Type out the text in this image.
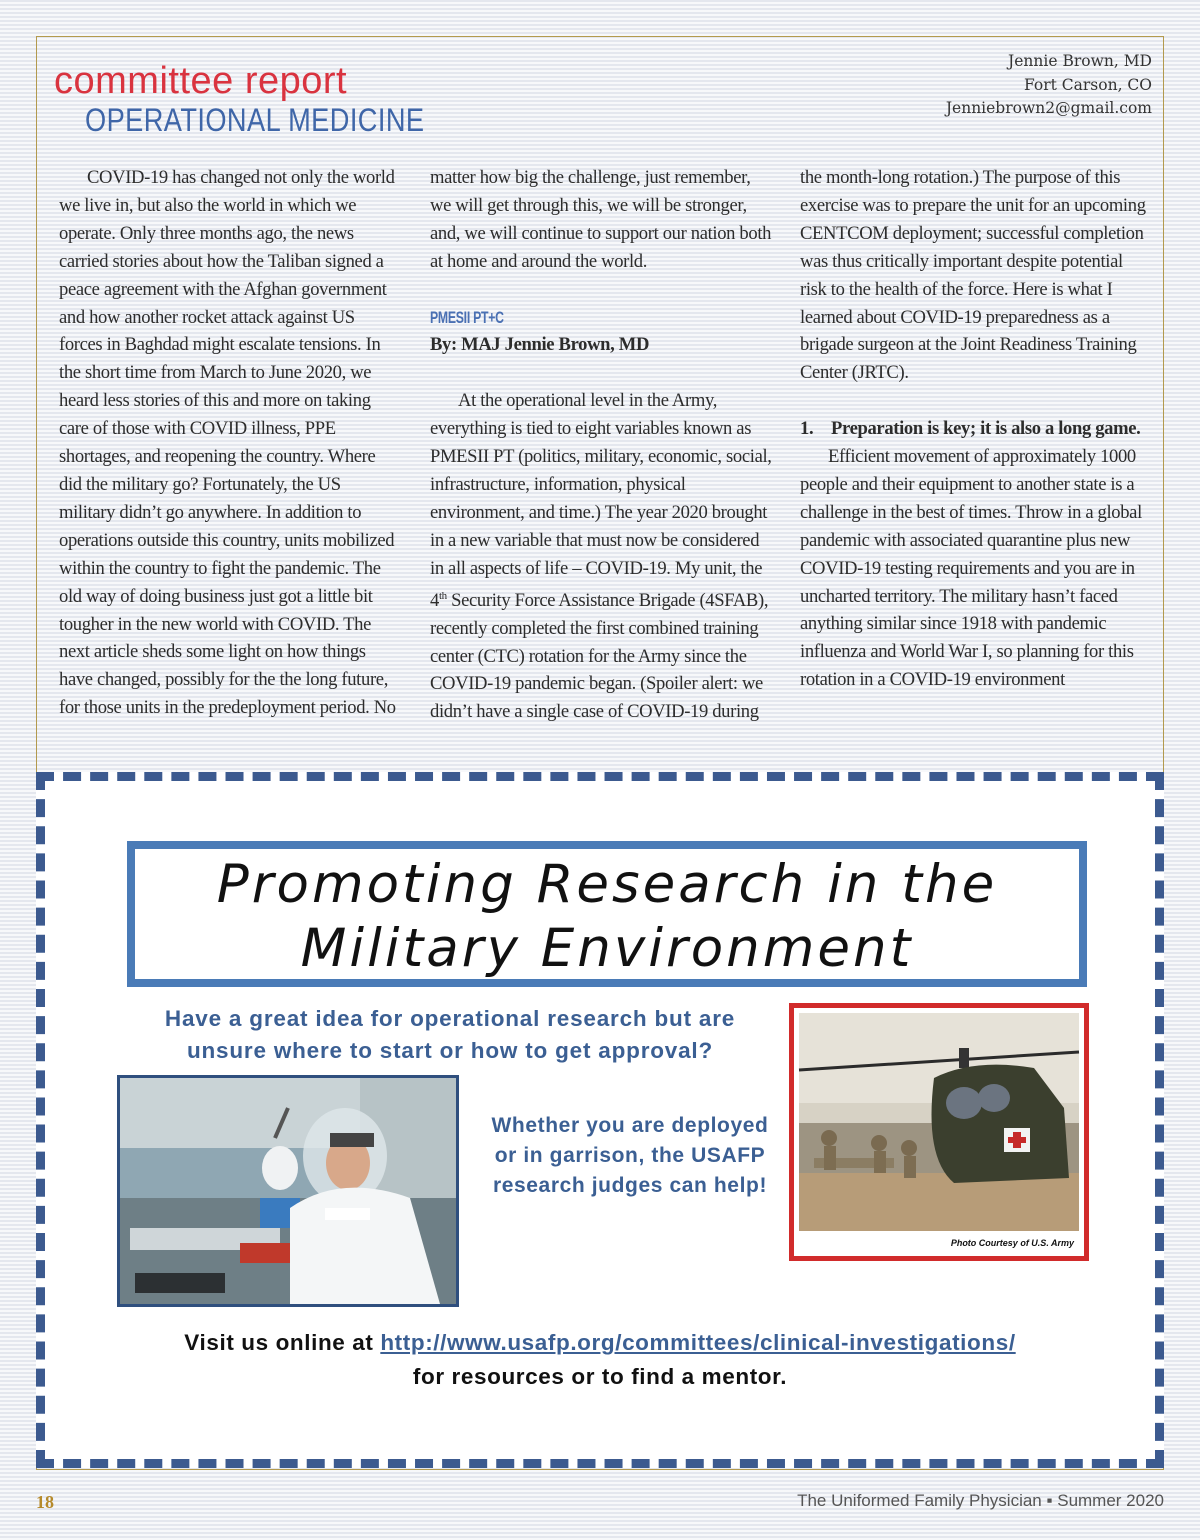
committee report
OPERATIONAL MEDICINE
Jennie Brown, MD
Fort Carson, CO
Jenniebrown2@gmail.com

COVID-19 has changed not only the world we live in, but also the world in which we operate. Only three months ago, the news carried stories about how the Taliban signed a peace agreement with the Afghan government and how another rocket attack against US forces in Baghdad might escalate tensions. In the short time from March to June 2020, we heard less stories of this and more on taking care of those with COVID illness, PPE shortages, and reopening the country. Where did the military go? Fortunately, the US military didn’t go anywhere. In addition to operations outside this country, units mobilized within the country to fight the pandemic. The old way of doing business just got a little bit tougher in the new world with COVID. The next article sheds some light on how things have changed, possibly for the the long future, for those units in the predeployment period. No

matter how big the challenge, just remember, we will get through this, we will be stronger, and, we will continue to support our nation both at home and around the world.

PMESII PT+C

By: MAJ Jennie Brown, MD

At the operational level in the Army, everything is tied to eight variables known as PMESII PT (politics, military, economic, social, infrastructure, information, physical environment, and time.) The year 2020 brought in a new variable that must now be considered in all aspects of life – COVID-19. My unit, the 4th Security Force Assistance Brigade (4SFAB), recently completed the first combined training center (CTC) rotation for the Army since the COVID-19 pandemic began. (Spoiler alert: we didn’t have a single case of COVID-19 during

the month-long rotation.) The purpose of this exercise was to prepare the unit for an upcoming CENTCOM deployment; successful completion was thus critically important despite potential risk to the health of the force. Here is what I learned about COVID-19 preparedness as a brigade surgeon at the Joint Readiness Training Center (JRTC).

1. Preparation is key; it is also a long game.

Efficient movement of approximately 1000 people and their equipment to another state is a challenge in the best of times. Throw in a global pandemic with associated quarantine plus new COVID-19 testing requirements and you are in uncharted territory. The military hasn’t faced anything similar since 1918 with pandemic influenza and World War I, so planning for this rotation in a COVID-19 environment

Promoting Research in the
Military Environment
Have a great idea for operational research but are
unsure where to start or how to get approval?
Whether you are deployed or in garrison, the USAFP research judges can help!
Photo Courtesy of U.S. Army
Visit us online at http://www.usafp.org/committees/clinical-investigations/
for resources or to find a mentor.
18	The Uniformed Family Physician ▪ Summer 2020
